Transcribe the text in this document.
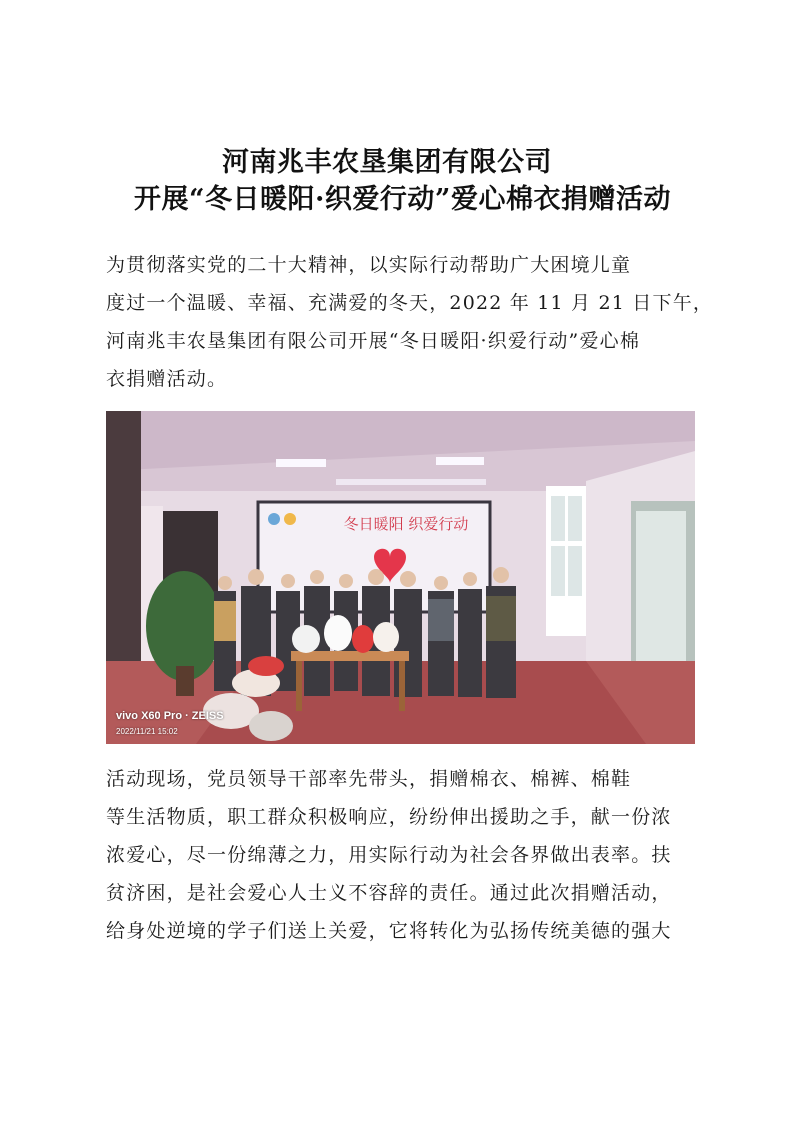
河南兆丰农垦集团有限公司
开展“冬日暖阳·织爱行动”爱心棉衣捐赠活动
为贯彻落实党的二十大精神，以实际行动帮助广大困境儿童
度过一个温暖、幸福、充满爱的冬天，2022 年 11 月 21 日下午，
河南兆丰农垦集团有限公司开展“冬日暖阳·织爱行动”爱心棉
衣捐赠活动。
冬日暖阳 织爱行动
vivo X60 Pro · ZEISS
2022/11/21 15:02
活动现场，党员领导干部率先带头，捐赠棉衣、棉裤、棉鞋
等生活物质，职工群众积极响应，纷纷伸出援助之手，献一份浓
浓爱心，尽一份绵薄之力，用实际行动为社会各界做出表率。扶
贫济困，是社会爱心人士义不容辞的责任。通过此次捐赠活动，
给身处逆境的学子们送上关爱，它将转化为弘扬传统美德的强大
